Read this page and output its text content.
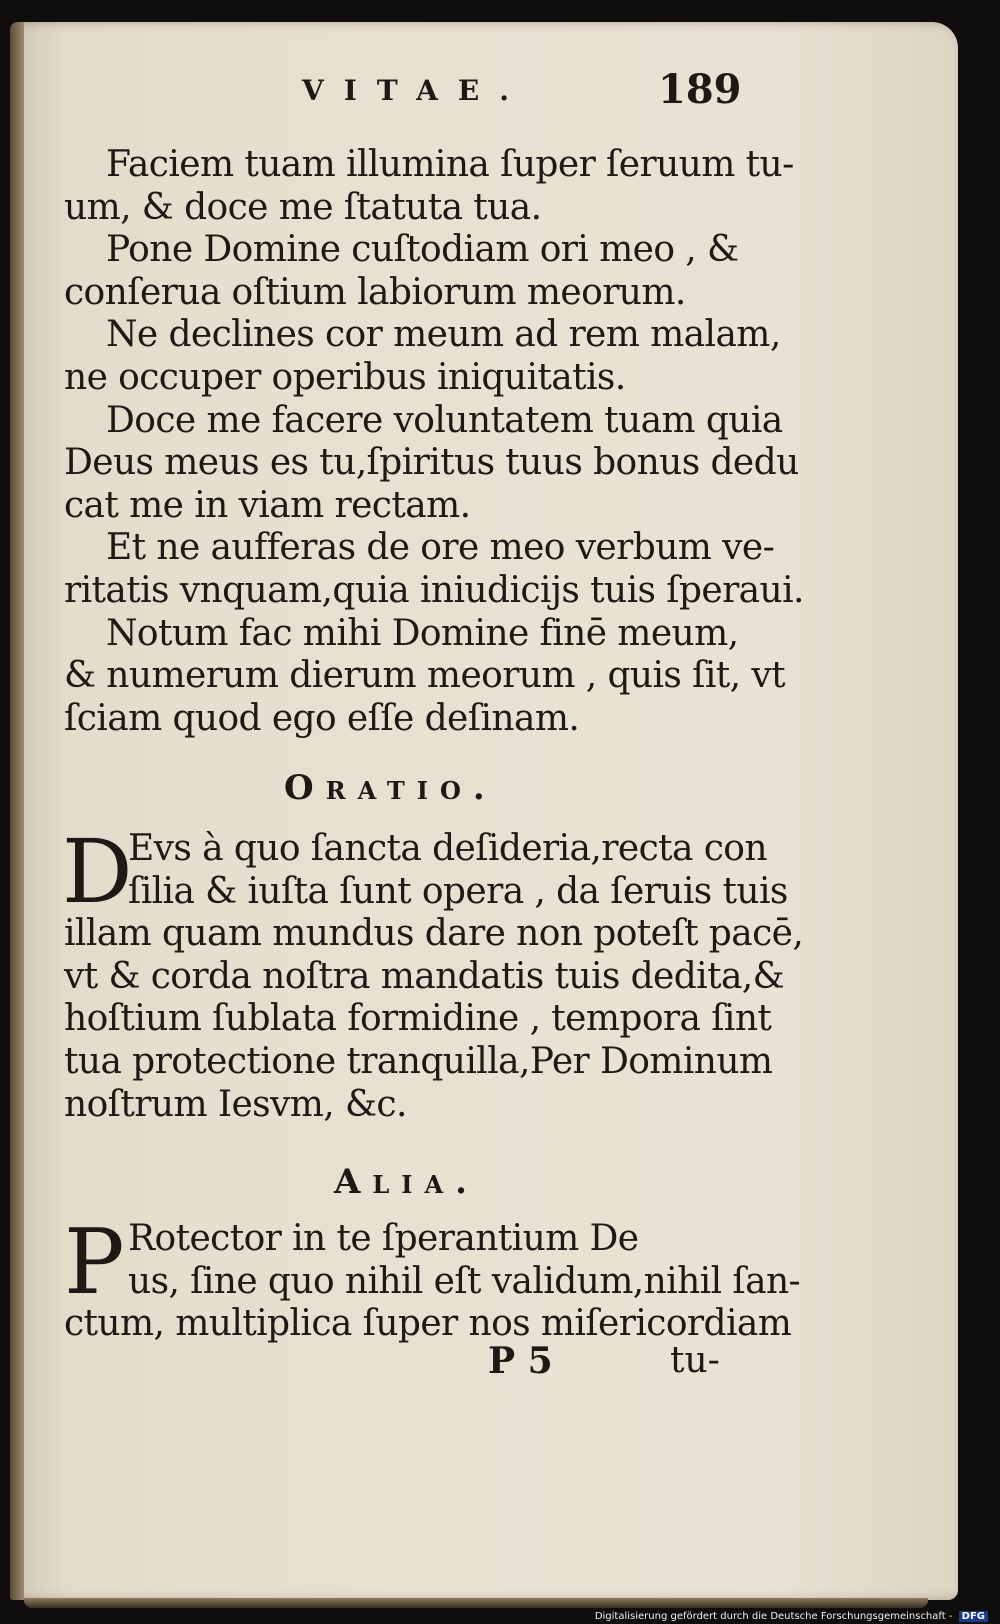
VITAE.	189
Faciem tuam illumina ſuper ſeruum tu-
um, & doce me ſtatuta tua.
Pone Domine cuſtodiam ori meo , &
conſerua oſtium labiorum meorum.
Ne declines cor meum ad rem malam,
ne occuper operibus iniquitatis.
Doce me facere voluntatem tuam quia
Deus meus es tu,ſpiritus tuus bonus dedu
cat me in viam rectam.
Et ne aufferas de ore meo verbum ve-
ritatis vnquam,quia iniudicijs tuis ſperaui.
Notum fac mihi Domine finē meum,
& numerum dierum meorum , quis ſit, vt
ſciam quod ego eſſe deſinam.
Oratio.
D
Evs à quo ſancta deſideria,recta con
ſilia & iuſta ſunt opera , da ſeruis tuis
illam quam mundus dare non poteſt pacē,
vt & corda noſtra mandatis tuis dedita,&
hoſtium ſublata formidine , tempora ſint
tua protectione tranquilla,Per Dominum
noſtrum Iesvm, &c.
Alia.
P Rotector in te ſperantium De
us, ſine quo nihil eſt validum,nihil ſan-
ctum, multiplica ſuper nos miſericordiam
P 5	tu-
Digitalisierung gefördert durch die Deutsche Forschungsgemeinschaft - DFG
